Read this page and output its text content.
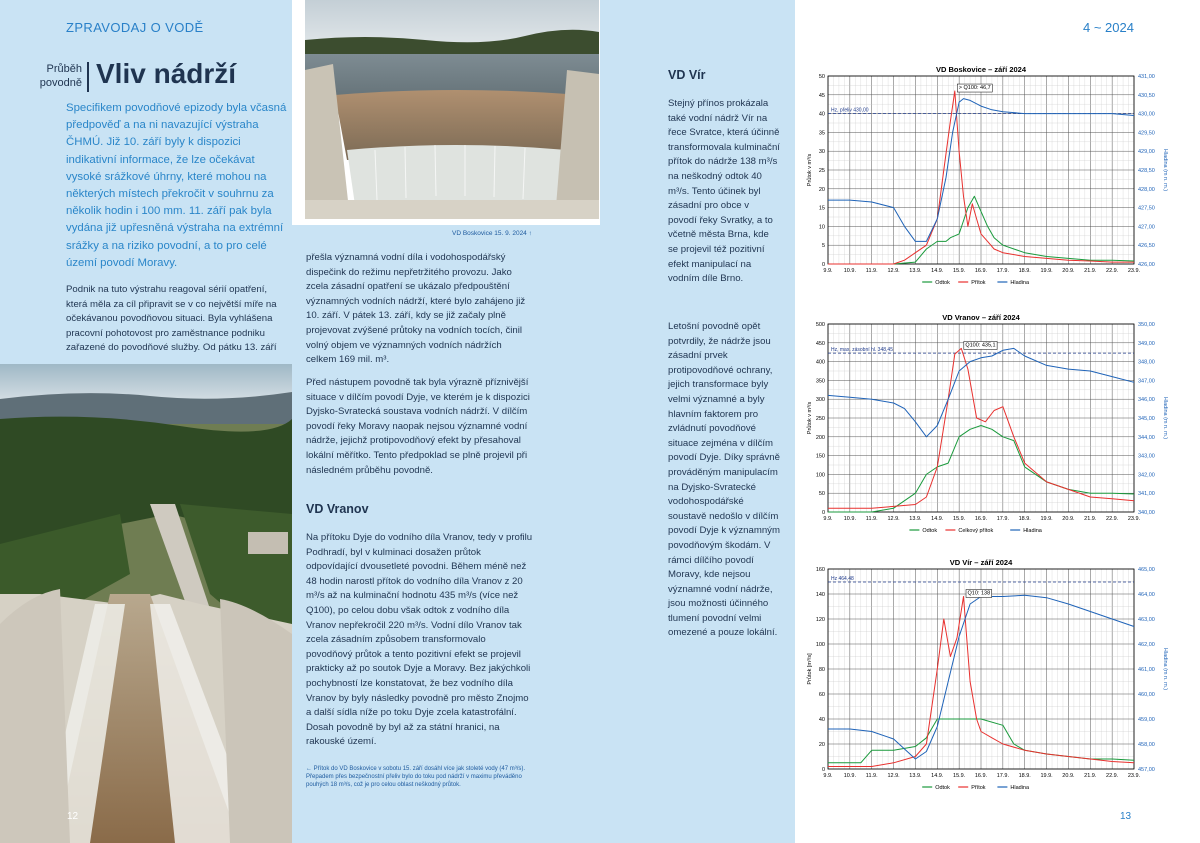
ZPRAVODAJ O VODĚ	4 ~ 2024
Průběh
povodně Vliv nádrží
Specifikem povodňové epizody byla včasná předpověď a na ni navazující výstraha ČHMÚ. Již 10. září byly k dispozici indikativní informace, že lze očekávat vysoké srážkové úhrny, které mohou na některých místech překročit v souhrnu za několik hodin i 100 mm. 11. září pak byla vydána již upřesněná výstraha na extrémní srážky a na riziko povodní, a to pro celé území povodí Moravy.
Podnik na tuto výstrahu reagoval sérií opatření, která měla za cíl připravit se v co největší míře na očekávanou povodňovou situaci. Byla vyhlášena pracovní pohotovost pro zaměstnance podniku zařazené do povodňové služby. Od pátku 13. září
VD Boskovice 15. 9. 2024 ↑
12
přešla významná vodní díla i vodohospodářský dispečink do režimu nepřetržitého provozu. Jako zcela zásadní opatření se ukázalo předpouštění významných vodních nádrží, které bylo zahájeno již 10. září. V pátek 13. září, kdy se již začaly plně projevovat zvýšené průtoky na vodních tocích, činil volný objem ve významných vodních nádržích celkem 169 mil. m³.
Před nástupem povodně tak byla výrazně příznivější situace v dílčím povodí Dyje, ve kterém je k dispozici Dyjsko-Svratecká soustava vodních nádrží. V dílčím povodí řeky Moravy naopak nejsou významné vodní nádrže, jejichž protipovodňový efekt by přesahoval lokální měřítko. Tento předpoklad se plně projevil při následném průběhu povodně.
VD Vranov
Na přítoku Dyje do vodního díla Vranov, tedy v profilu Podhradí, byl v kulminaci dosažen průtok odpovídající dvousetleté povodni. Během méně než 48 hodin narostl přítok do vodního díla Vranov z 20 m³/s až na kulminační hodnotu 435 m³/s (více než Q100), po celou dobu však odtok z vodního díla Vranov nepřekročil 220 m³/s. Vodní dílo Vranov tak zcela zásadním způsobem transformovalo povodňový průtok a tento pozitivní efekt se projevil prakticky až po soutok Dyje a Moravy. Bez jakýchkoli pochybností lze konstatovat, že bez vodního díla Vranov by byly následky povodně pro město Znojmo a další sídla níže po toku Dyje zcela katastrofální. Dosah povodně by byl až za státní hranici, na rakouské území.
← Přítok do VD Boskovice v sobotu 15. září dosáhl více jak stoleté vody (47 m³/s). Přepadem přes bezpečnostní přeliv bylo do toku pod nádrží v maximu převáděno pouhých 18 m³/s, což je pro celou oblast neškodný průtok.
VD Vír
Stejný přínos prokázala také vodní nádrž Vír na řece Svratce, která účinně transformovala kulminační přítok do nádrže 138 m³/s na neškodný odtok 40 m³/s. Tento účinek byl zásadní pro obce v povodí řeky Svratky, a to včetně města Brna, kde se projevil též pozitivní efekt manipulací na vodním díle Brno.
Letošní povodně opět potvrdily, že nádrže jsou zásadní prvek protipovodňové ochrany, jejich transformace byly velmi významné a byly hlavním faktorem pro zvládnutí povodňové situace zejména v dílčím povodí Dyje. Díky správně prováděným manipulacím na Dyjsko-Svratecké vodohospodářské soustavě nedošlo v dílčím povodí Dyje k významným povodňovým škodám. V rámci dílčího povodí Moravy, kde nejsou významné vodní nádrže, jsou možnosti účinného tlumení povodní velmi omezené a pouze lokální.
13
VD Boskovice – září 2024
0
5
10
15
20
25
30
35
40
45
50
426,00
426,50
427,00
427,50
428,00
428,50
429,00
429,50
430,00
430,50
431,00
9.9. 10.9. 11.9. 12.9. 13.9. 14.9. 15.9. 16.9. 17.9. 18.9. 19.9. 20.9. 21.9. 22.9. 23.9.
Průtok v m³/s	Hladina (m n. m.)
Hz, přeliv 430,00
> Q100: 46,7
Odtok	Přítok	Hladina
VD Vranov – září 2024
0
50
100
150
200
250
300
350
400
450
500
340,00
341,00
342,00
343,00
344,00
345,00
346,00
347,00
348,00
349,00
350,00
9.9. 10.9. 11.9. 12.9. 13.9. 14.9. 15.9. 16.9. 17.9. 18.9. 19.9. 20.9. 21.9. 22.9. 23.9.
Průtok v m³/s	Hladina (m n. m.)
Hz, max. zásobní hl. 348,45
Q100: 435,1
Odtok	Celkový přítok	Hladina
VD Vír – září 2024
0
20
40
60
80
100
120
140
160
457,00
458,00
459,00
460,00
461,00
462,00
463,00
464,00
465,00
9.9. 10.9. 11.9. 12.9. 13.9. 14.9. 15.9. 16.9. 17.9. 18.9. 19.9. 20.9. 21.9. 22.9. 23.9.
Průtok [m³/s]	Hladina (m n. m.)
Hz 464,48
Q10: 138
Odtok	Přítok	Hladina
